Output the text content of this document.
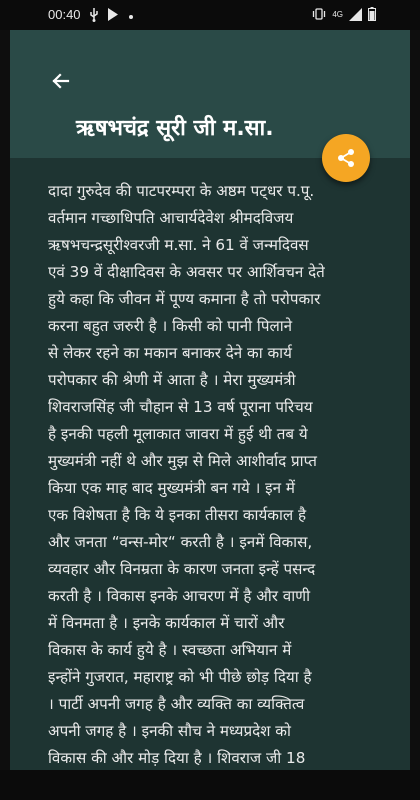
00:40	4G
ऋषभचंद्र सूरी जी म.सा.
दादा गुरुदेव की पाटपरम्परा के अष्ठम पट्धर प.पू.
वर्तमान गच्छाधिपति आचार्यदेवेश श्रीमदविजय
ऋषभचन्द्रसूरीश्वरजी म.सा. ने 61 वें जन्मदिवस
एवं 39 वें दीक्षादिवस के अवसर पर आर्शिवचन देते
हुये कहा कि जीवन में पूण्य कमाना है तो परोपकार
करना बहुत जरुरी है । किसी को पानी पिलाने
से लेकर रहने का मकान बनाकर देने का कार्य
परोपकार की श्रेणी में आता है । मेरा मुख्यमंत्री
शिवराजसिंह जी चौहान से 13 वर्ष पूराना परिचय
है इनकी पहली मूलाकात जावरा में हुई थी तब ये
मुख्यमंत्री नहीं थे और मुझ से मिले आशीर्वाद प्राप्त
किया एक माह बाद मुख्यमंत्री बन गये । इन में
एक विशेषता है कि ये इनका तीसरा कार्यकाल है
और जनता “वन्स-मोर“ करती है । इनमें विकास,
व्यवहार और विनम्रता के कारण जनता इन्हें पसन्द
करती है । विकास इनके आचरण में है और वाणी
में विनमता है । इनके कार्यकाल में चारों और
विकास के कार्य हुये है । स्वच्छता अभियान में
इन्होंने गुजरात, महाराष्ट्र को भी पीछे छोड़ दिया है
। पार्टी अपनी जगह है और व्यक्ति का व्यक्तित्व
अपनी जगह है । इनकी सौच ने मध्यप्रदेश को
विकास की और मोड़ दिया है । शिवराज जी 18
